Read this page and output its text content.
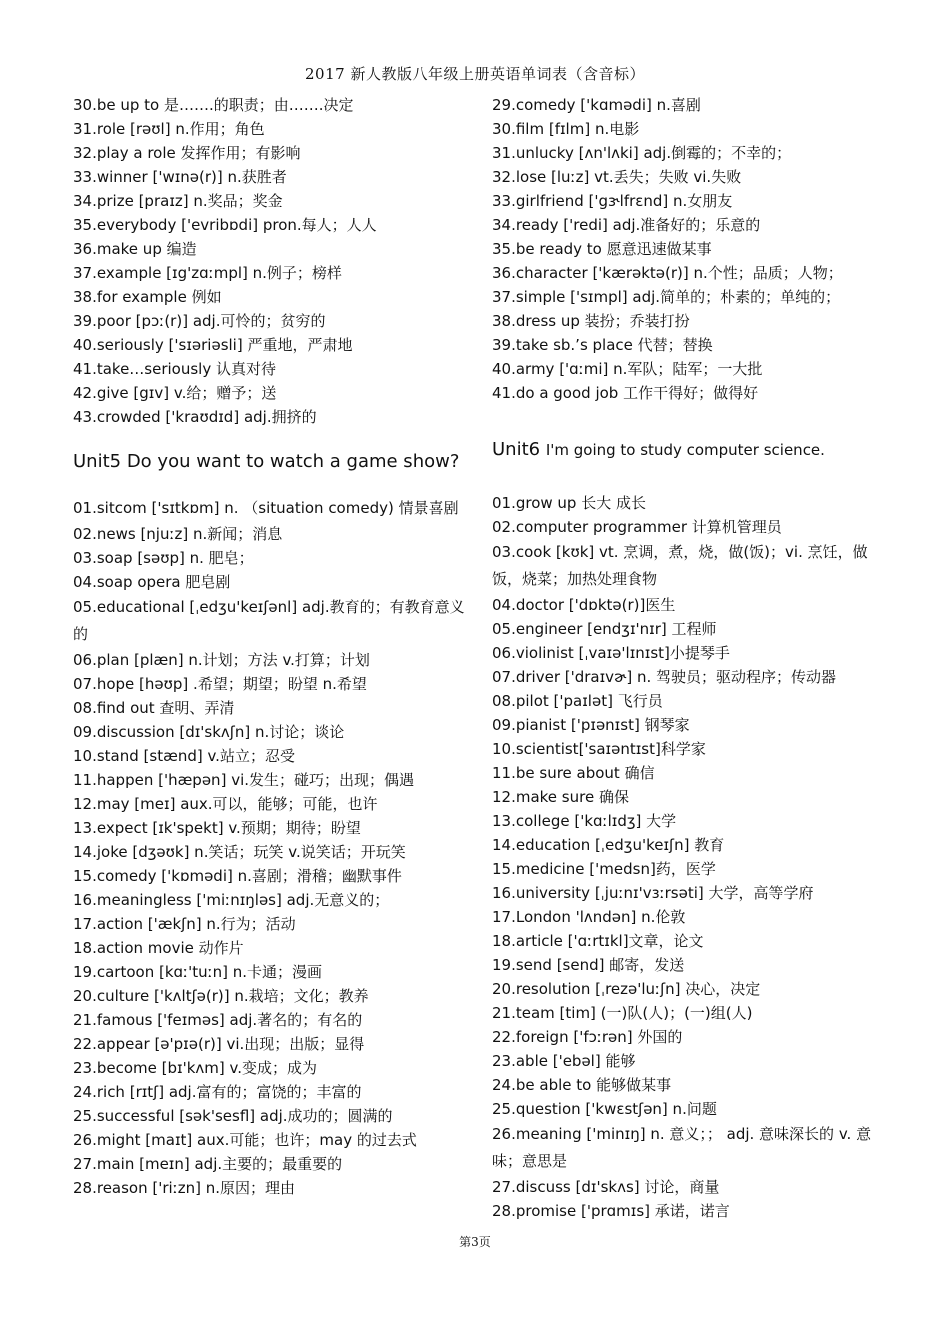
2017 新人教版八年级上册英语单词表（含音标）
30.be up to 是…….的职责；由…….决定
31.role [rəʊl] n.作用；角色
32.play a role 发挥作用；有影响
33.winner ['wɪnə(r)] n.获胜者
34.prize [praɪz] n.奖品；奖金
35.everybody ['evribɒdi] pron.每人；人人
36.make up 编造
37.example [ɪg'zɑːmpl] n.例子；榜样
38.for example 例如
39.poor [pɔː(r)] adj.可怜的；贫穷的
40.seriously ['sɪəriəsli] 严重地，严肃地
41.take…seriously 认真对待
42.give [gɪv] v.给；赠予；送
43.crowded ['kraʊdɪd] adj.拥挤的
Unit5 Do you want to watch a game show?
01.sitcom ['sɪtkɒm] n. （situation comedy) 情景喜剧
02.news [njuːz] n.新闻；消息
03.soap [səʊp] n. 肥皂；
04.soap opera 肥皂剧
05.educational [ˌedʒu'keɪʃənl] adj.教育的；有教育意义的
06.plan [plæn] n.计划；方法 v.打算；计划
07.hope [həʊp] .希望；期望；盼望 n.希望
08.find out 查明、弄清
09.discussion [dɪ'skʌʃn] n.讨论；谈论
10.stand [stænd] v.站立；忍受
11.happen ['hæpən] vi.发生；碰巧；出现；偶遇
12.may [meɪ] aux.可以，能够；可能，也许
13.expect [ɪk'spekt] v.预期；期待；盼望
14.joke [dʒəʊk] n.笑话；玩笑 v.说笑话；开玩笑
15.comedy ['kɒmədi] n.喜剧；滑稽；幽默事件
16.meaningless ['miːnɪŋləs] adj.无意义的；
17.action ['ækʃn] n.行为；活动
18.action movie 动作片
19.cartoon [kɑː'tuːn] n.卡通；漫画
20.culture ['kʌltʃə(r)] n.栽培；文化；教养
21.famous ['feɪməs] adj.著名的；有名的
22.appear [ə'pɪə(r)] vi.出现；出版；显得
23.become [bɪ'kʌm] v.变成；成为
24.rich [rɪtʃ] adj.富有的；富饶的；丰富的
25.successful [sək'sesfl] adj.成功的；圆满的
26.might [maɪt] aux.可能；也许；may 的过去式
27.main [meɪn] adj.主要的；最重要的
28.reason ['riːzn] n.原因；理由
29.comedy ['kɑmədi] n.喜剧
30.film [fɪlm] n.电影
31.unlucky [ʌn'lʌki] adj.倒霉的；不幸的；
32.lose [luːz] vt.丢失；失败 vi.失败
33.girlfriend ['gɝlfrɛnd] n.女朋友
34.ready ['redi] adj.准备好的；乐意的
35.be ready to 愿意迅速做某事
36.character ['kærəktə(r)] n.个性；品质；人物；
37.simple ['sɪmpl] adj.简单的；朴素的；单纯的；
38.dress up 装扮；乔装打扮
39.take sb.’s place 代替；替换
40.army ['ɑːmi] n.军队；陆军；一大批
41.do a good job 工作干得好；做得好
Unit6 I'm going to study computer science.
01.grow up 长大 成长
02.computer programmer 计算机管理员
03.cook [kʊk] vt. 烹调，煮，烧，做(饭)；vi. 烹饪，做饭，烧菜；加热处理食物
04.doctor ['dɒktə(r)]医生
05.engineer [endʒɪ'nɪr] 工程师
06.violinist [ˌvaɪə'lɪnɪst]小提琴手
07.driver ['draɪvɚ] n. 驾驶员；驱动程序；传动器
08.pilot ['paɪlət] 飞行员
09.pianist ['pɪənɪst] 钢琴家
10.scientist['saɪəntɪst]科学家
11.be sure about 确信
12.make sure 确保
13.college ['kɑːlɪdʒ] 大学
14.education [ˌedʒu'keɪʃn] 教育
15.medicine ['medsn]药，医学
16.university [ˌjuːnɪ'vɜːrsəti] 大学，高等学府
17.London 'lʌndən] n.伦敦
18.article ['ɑːrtɪkl]文章，论文
19.send [send] 邮寄，发送
20.resolution [ˌrezə'luːʃn] 决心，决定
21.team [tim] (一)队(人)；(一)组(人)
22.foreign ['fɔːrən] 外国的
23.able ['ebəl] 能够
24.be able to 能够做某事
25.question ['kwɛstʃən] n.问题
26.meaning ['minɪŋ] n. 意义；； adj. 意味深长的 v. 意味；意思是
27.discuss [dɪ'skʌs] 讨论，商量
28.promise ['prɑmɪs] 承诺，诺言
第3页
